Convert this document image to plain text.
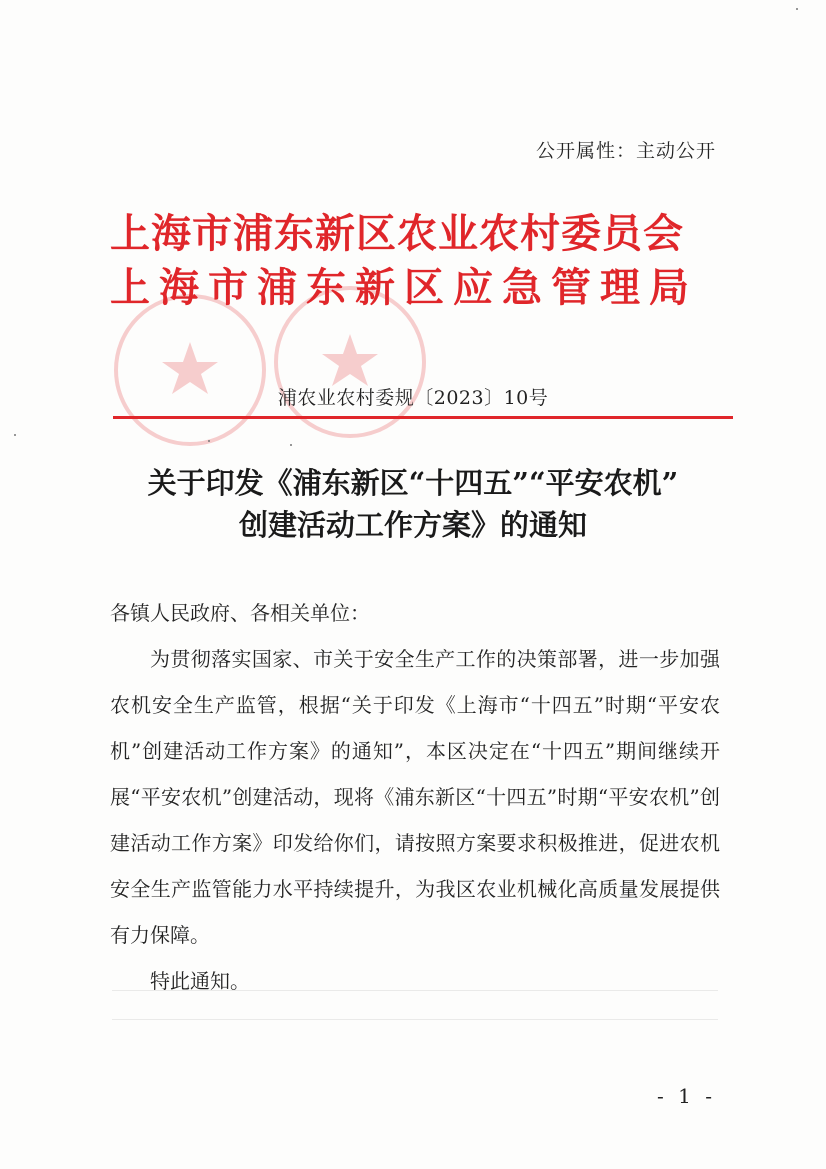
公开属性：主动公开
上海市浦东新区农业农村委员会
上海市浦东新区应急管理局
浦农业农村委规〔2023〕10号
关于印发《浦东新区“十四五”“平安农机”
创建活动工作方案》的通知

各镇人民政府、各相关单位：

为贯彻落实国家、市关于安全生产工作的决策部署，进一步加强农机安全生产监管，根据“关于印发《上海市“十四五”时期“平安农机”创建活动工作方案》的通知”，本区决定在“十四五”期间继续开展“平安农机”创建活动，现将《浦东新区“十四五”时期“平安农机”创建活动工作方案》印发给你们，请按照方案要求积极推进，促进农机安全生产监管能力水平持续提升，为我区农业机械化高质量发展提供有力保障。

特此通知。

- 1 -
